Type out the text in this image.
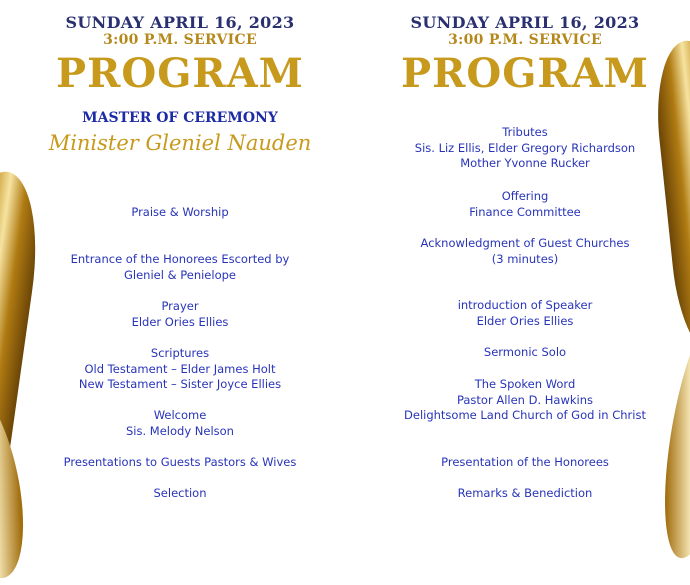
SUNDAY APRIL 16, 2023
3:00 P.M. SERVICE
PROGRAM
MASTER OF CEREMONY
Minister Gleniel Nauden
Praise & Worship
Entrance of the Honorees Escorted by
Gleniel & Penielope
Prayer
Elder Ories Ellies
Scriptures
Old Testament – Elder James Holt
New Testament – Sister Joyce Ellies
Welcome
Sis. Melody Nelson
Presentations to Guests Pastors & Wives
Selection
SUNDAY APRIL 16, 2023
3:00 P.M. SERVICE
PROGRAM
Tributes
Sis. Liz Ellis, Elder Gregory Richardson
Mother Yvonne Rucker
Offering
Finance Committee
Acknowledgment of Guest Churches
(3 minutes)
introduction of Speaker
Elder Ories Ellies
Sermonic Solo
The Spoken Word
Pastor Allen D. Hawkins
Delightsome Land Church of God in Christ
Presentation of the Honorees
Remarks & Benediction
